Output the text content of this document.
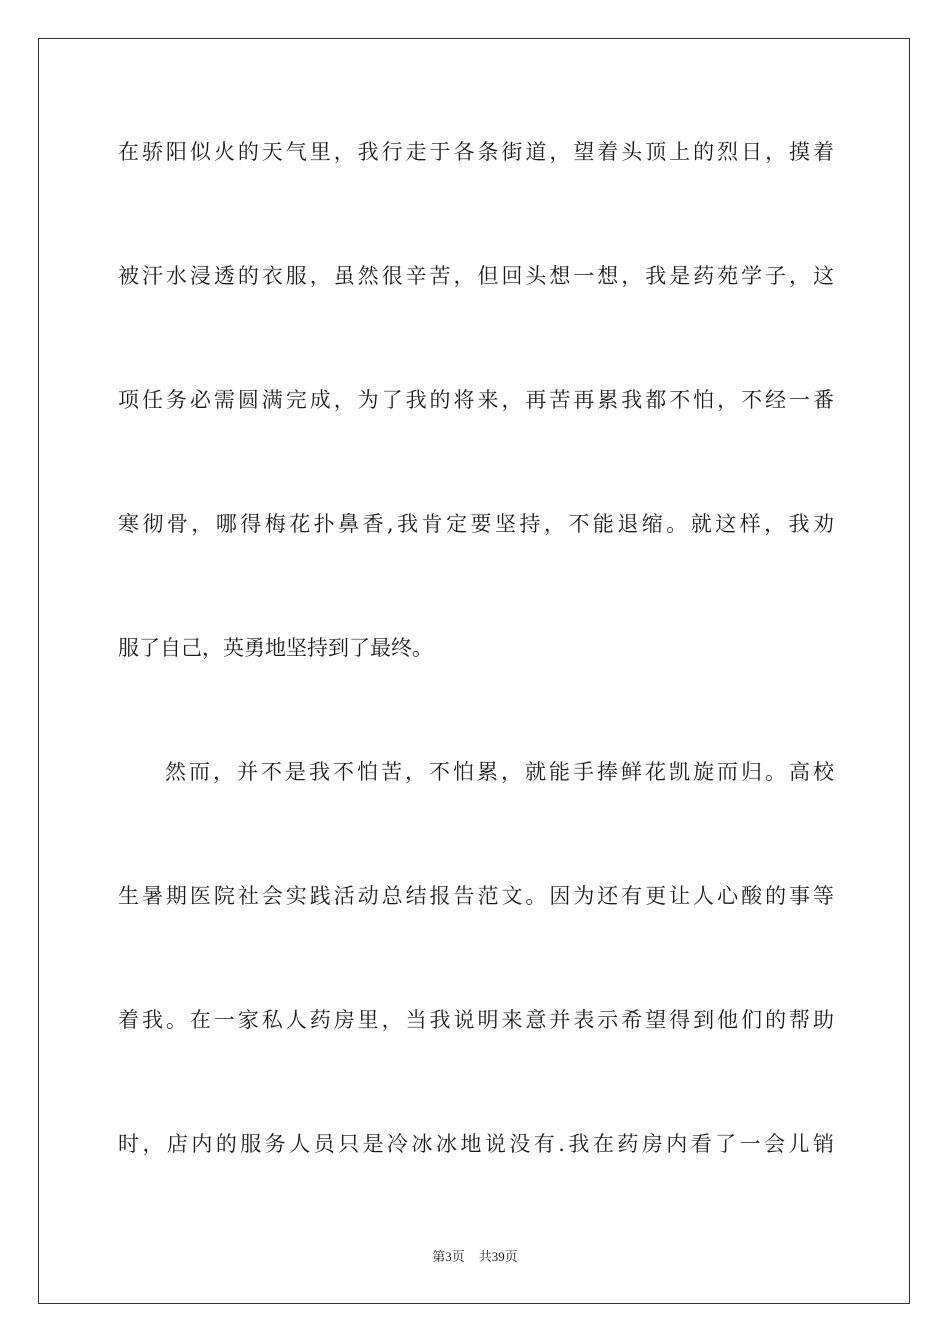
在骄阳似火的天气里，我行走于各条街道，望着头顶上的烈日，摸着
被汗水浸透的衣服，虽然很辛苦，但回头想一想，我是药苑学子，这
项任务必需圆满完成，为了我的将来，再苦再累我都不怕，不经一番
寒彻骨，哪得梅花扑鼻香,我肯定要坚持，不能退缩。就这样，我劝
服了自己，英勇地坚持到了最终。
然而，并不是我不怕苦，不怕累，就能手捧鲜花凯旋而归。高校
生暑期医院社会实践活动总结报告范文。因为还有更让人心酸的事等
着我。在一家私人药房里，当我说明来意并表示希望得到他们的帮助
时，店内的服务人员只是冷冰冰地说没有.我在药房内看了一会儿销
第3页 共39页
